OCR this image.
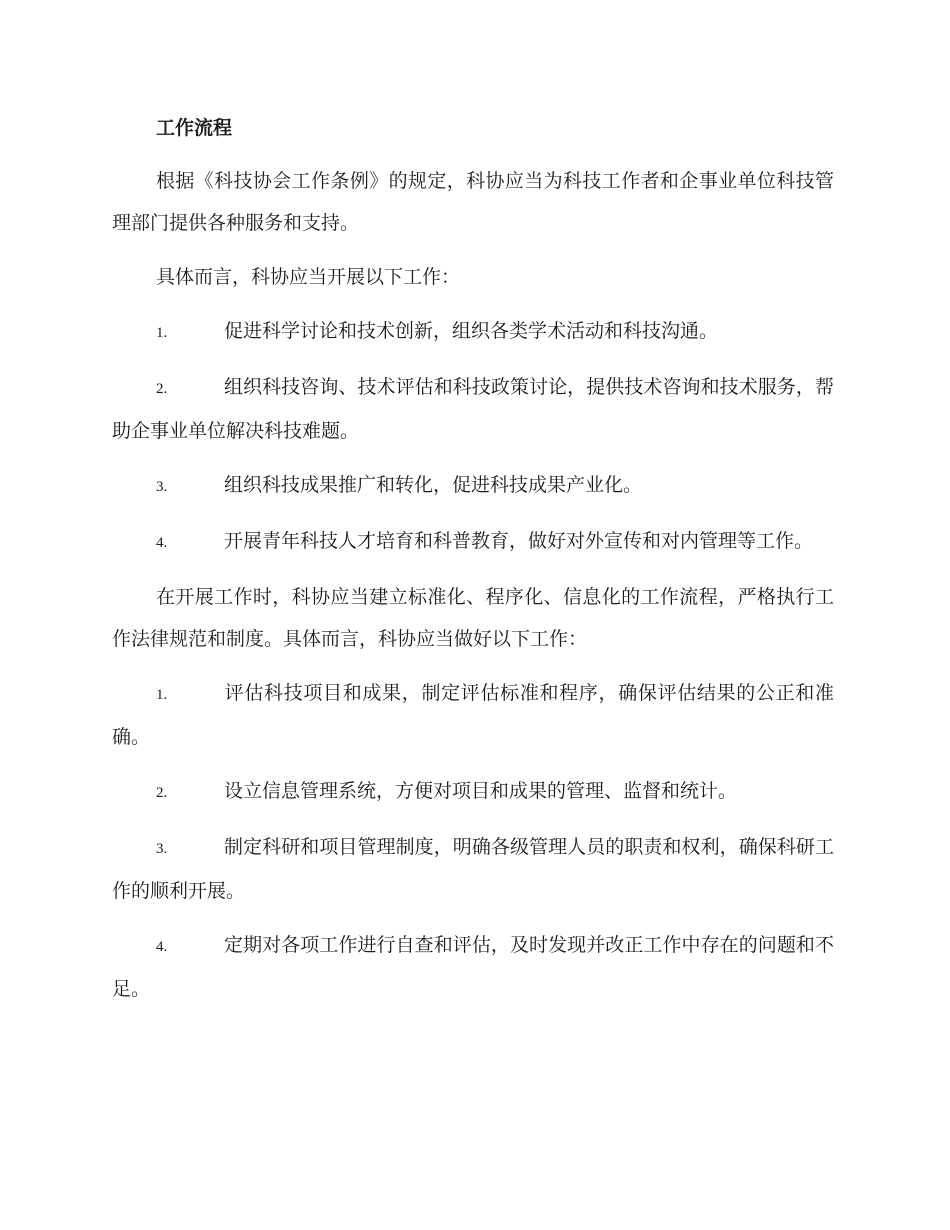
工作流程

根据《科技协会工作条例》的规定，科协应当为科技工作者和企事业单位科技管理部门提供各种服务和支持。

具体而言，科协应当开展以下工作：

1.	促进科学讨论和技术创新，组织各类学术活动和科技沟通。

2.	组织科技咨询、技术评估和科技政策讨论，提供技术咨询和技术服务，帮助企事业单位解决科技难题。

3.	组织科技成果推广和转化，促进科技成果产业化。

4.	开展青年科技人才培育和科普教育，做好对外宣传和对内管理等工作。

在开展工作时，科协应当建立标准化、程序化、信息化的工作流程，严格执行工作法律规范和制度。具体而言，科协应当做好以下工作：

1.	评估科技项目和成果，制定评估标准和程序，确保评估结果的公正和准确。

2.	设立信息管理系统，方便对项目和成果的管理、监督和统计。

3.	制定科研和项目管理制度，明确各级管理人员的职责和权利，确保科研工作的顺利开展。

4.	定期对各项工作进行自查和评估，及时发现并改正工作中存在的问题和不足。
